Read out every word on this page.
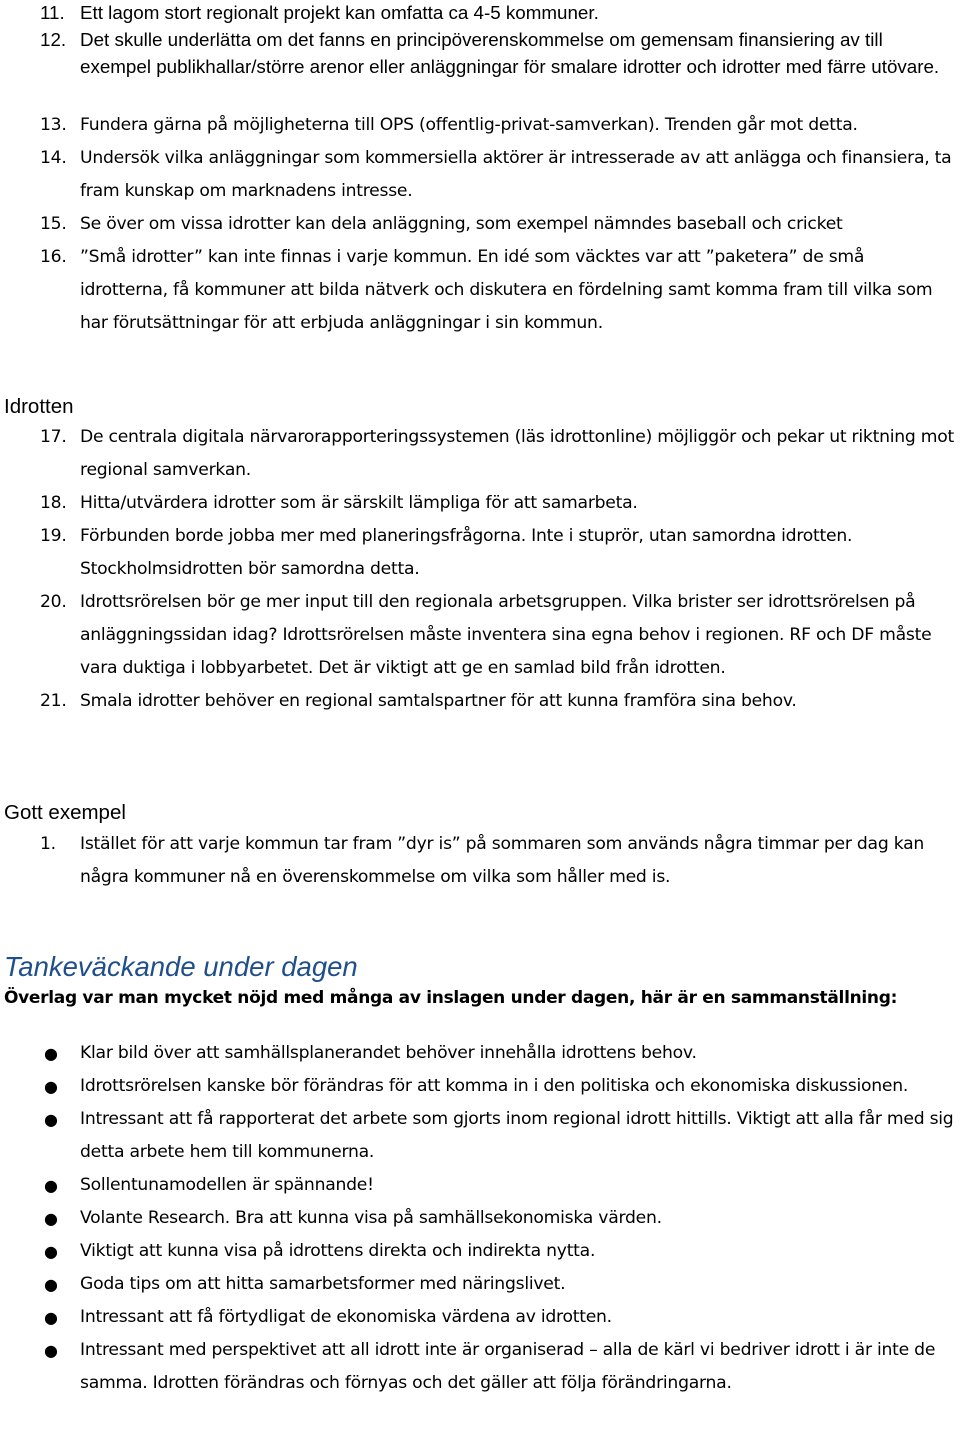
11. Ett lagom stort regionalt projekt kan omfatta ca 4-5 kommuner.
12. Det skulle underlätta om det fanns en principöverenskommelse om gemensam finansiering av till exempel publikhallar/större arenor eller anläggningar för smalare idrotter och idrotter med färre utövare.
13. Fundera gärna på möjligheterna till OPS (offentlig-privat-samverkan). Trenden går mot detta.
14. Undersök vilka anläggningar som kommersiella aktörer är intresserade av att anlägga och finansiera, ta fram kunskap om marknadens intresse.
15. Se över om vissa idrotter kan dela anläggning, som exempel nämndes baseball och cricket
16. ”Små idrotter” kan inte finnas i varje kommun. En idé som väcktes var att ”paketera” de små idrotterna, få kommuner att bilda nätverk och diskutera en fördelning samt komma fram till vilka som har förutsättningar för att erbjuda anläggningar i sin kommun.
Idrotten
17. De centrala digitala närvarorapporteringssystemen (läs idrottonline) möjliggör och pekar ut riktning mot regional samverkan.
18. Hitta/utvärdera idrotter som är särskilt lämpliga för att samarbeta.
19. Förbunden borde jobba mer med planeringsfrågorna. Inte i stuprör, utan samordna idrotten. Stockholmsidrotten bör samordna detta.
20. Idrottsrörelsen bör ge mer input till den regionala arbetsgruppen. Vilka brister ser idrottsrörelsen på anläggningssidan idag? Idrottsrörelsen måste inventera sina egna behov i regionen. RF och DF måste vara duktiga i lobbyarbetet. Det är viktigt att ge en samlad bild från idrotten.
21. Smala idrotter behöver en regional samtalspartner för att kunna framföra sina behov.
Gott exempel
1. Istället för att varje kommun tar fram ”dyr is” på sommaren som används några timmar per dag kan några kommuner nå en överenskommelse om vilka som håller med is.
Tankeväckande under dagen
Överlag var man mycket nöjd med många av inslagen under dagen, här är en sammanställning:
● Klar bild över att samhällsplanerandet behöver innehålla idrottens behov.
● Idrottsrörelsen kanske bör förändras för att komma in i den politiska och ekonomiska diskussionen.
● Intressant att få rapporterat det arbete som gjorts inom regional idrott hittills. Viktigt att alla får med sig detta arbete hem till kommunerna.
● Sollentunamodellen är spännande!
● Volante Research. Bra att kunna visa på samhällsekonomiska värden.
● Viktigt att kunna visa på idrottens direkta och indirekta nytta.
● Goda tips om att hitta samarbetsformer med näringslivet.
● Intressant att få förtydligat de ekonomiska värdena av idrotten.
● Intressant med perspektivet att all idrott inte är organiserad – alla de kärl vi bedriver idrott i är inte de samma. Idrotten förändras och förnyas och det gäller att följa förändringarna.
